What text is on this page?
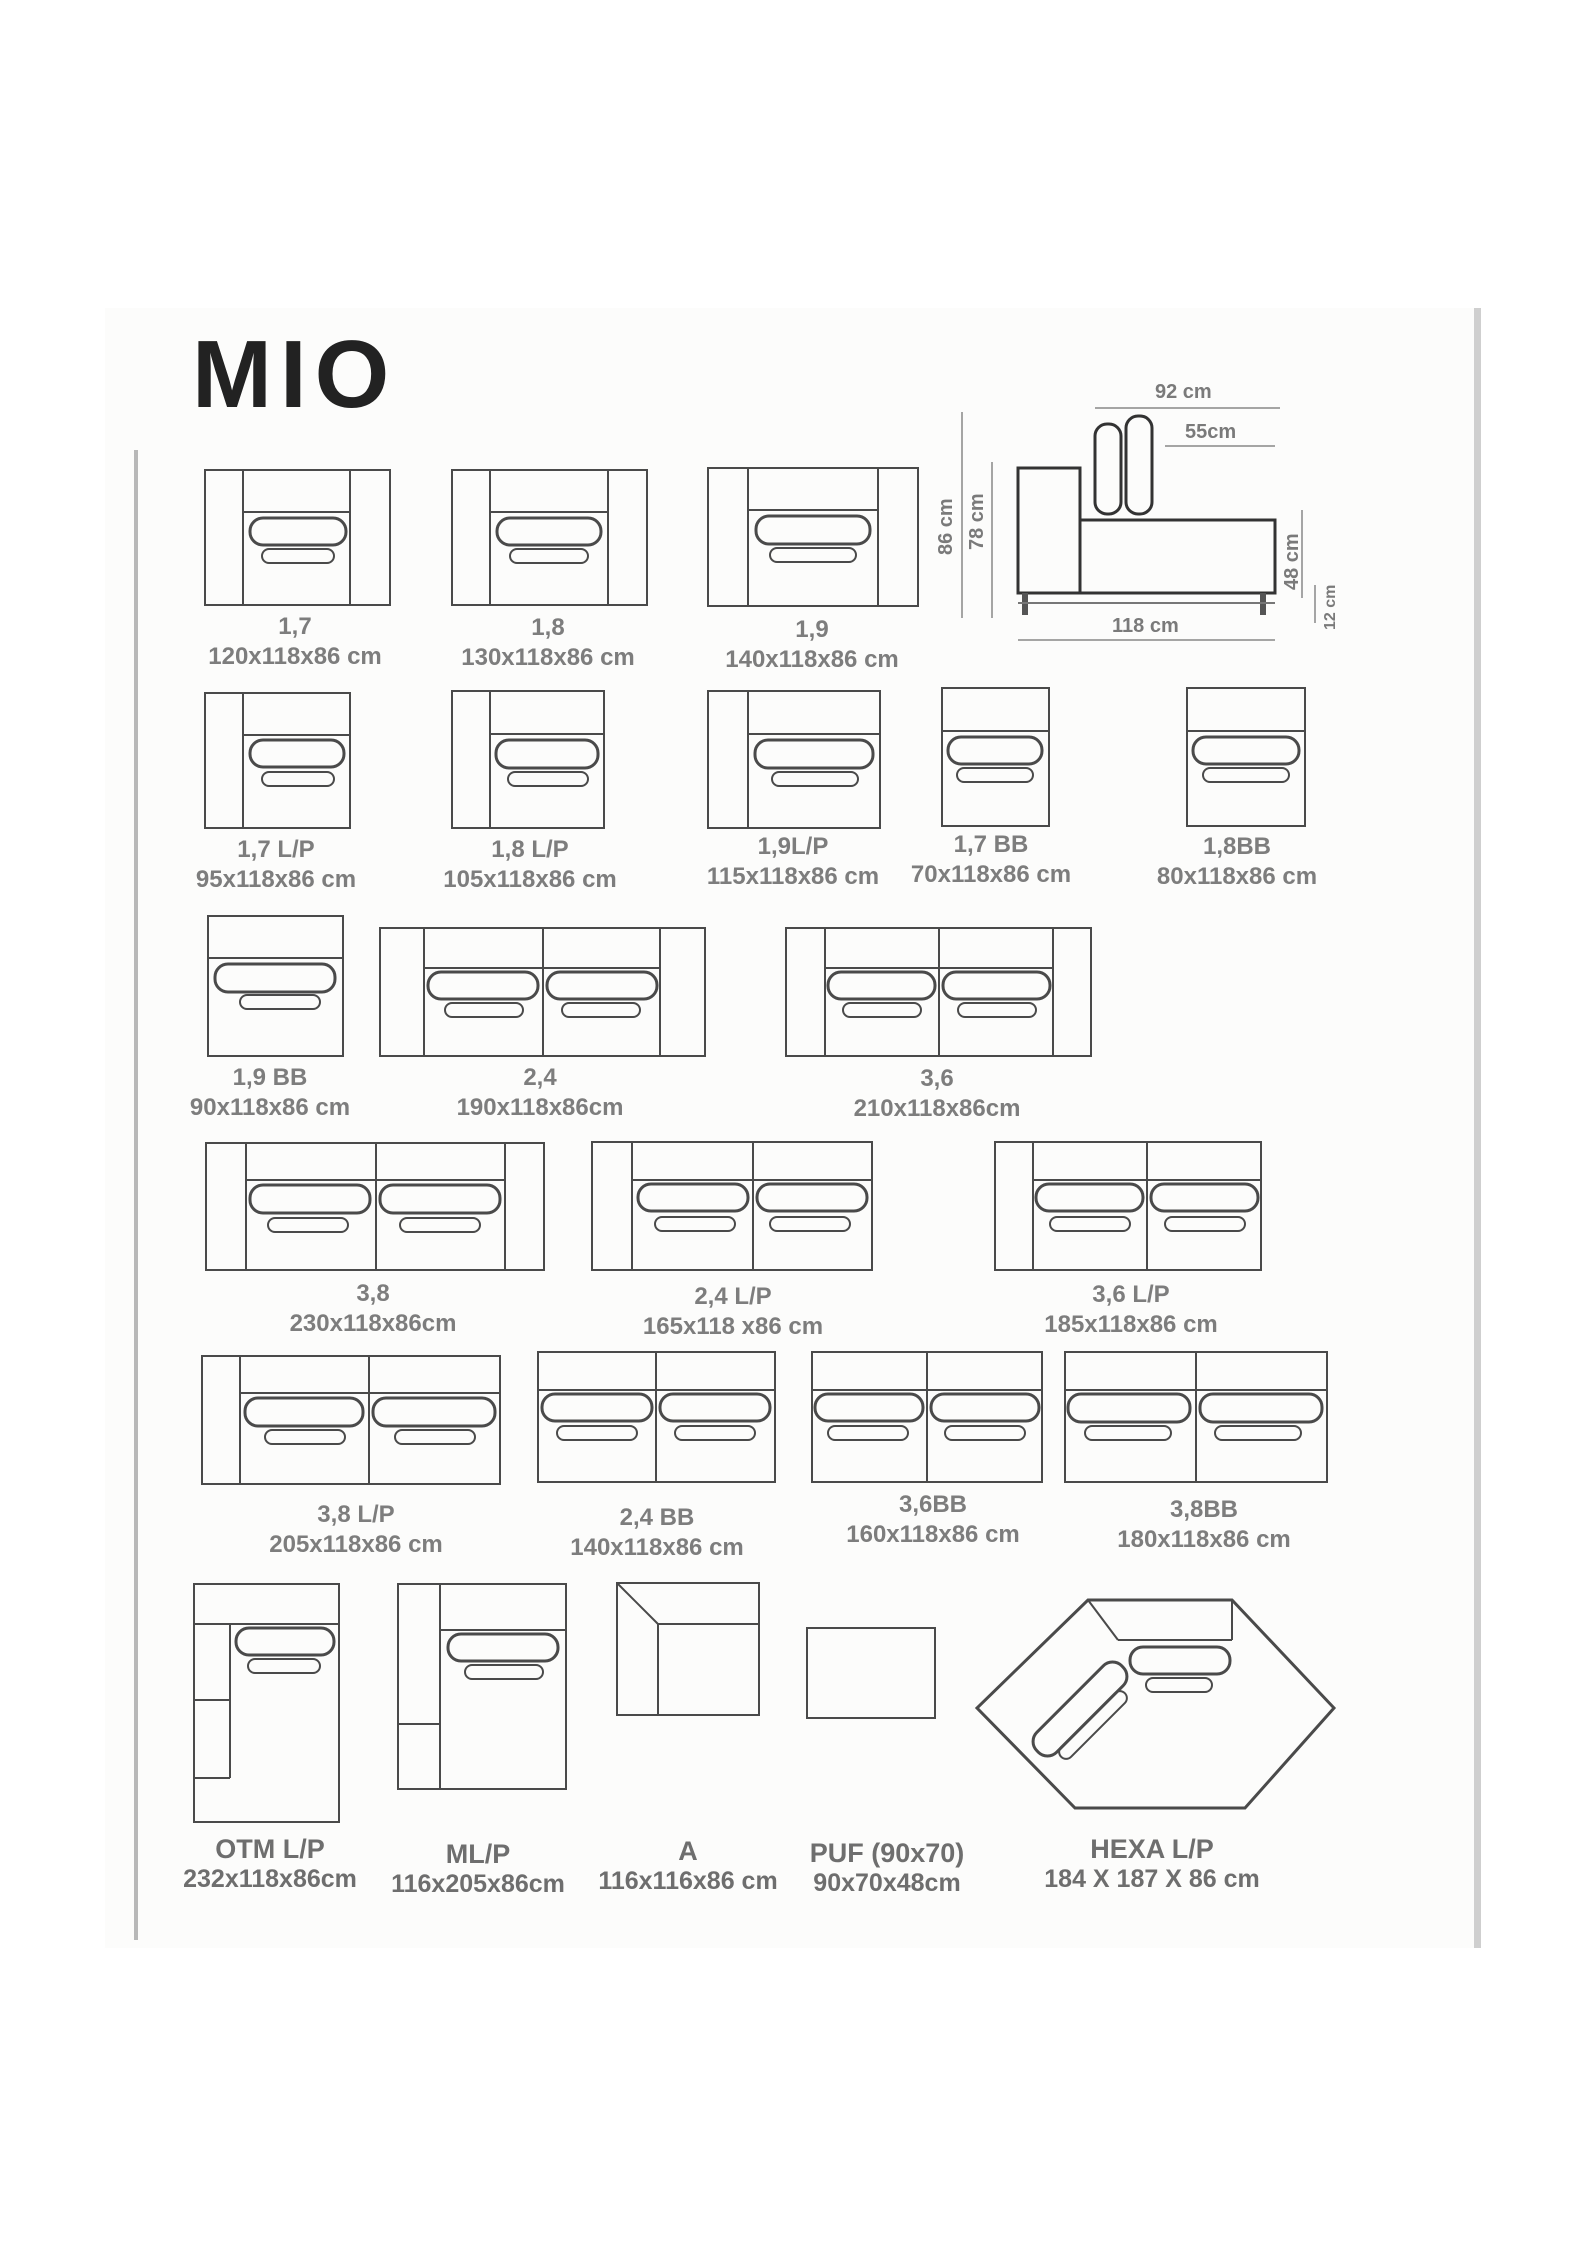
MIO	92 cm
55cm
118 cm
86 cm 78 cm
48 cm
12 cm
1,7
120x118x86 cm
1,8
130x118x86 cm
1,9
140x118x86 cm
1,7 L/P
95x118x86 cm
1,8 L/P
105x118x86 cm
1,9L/P
115x118x86 cm
1,7 BB
70x118x86 cm
1,8BB
80x118x86 cm
1,9 BB
90x118x86 cm
2,4
190x118x86cm
3,6
210x118x86cm
3,8
230x118x86cm
2,4 L/P
165x118 x86 cm
3,6 L/P
185x118x86 cm
3,8 L/P
205x118x86 cm
2,4 BB
140x118x86 cm
3,6BB
160x118x86 cm
3,8BB
180x118x86 cm
OTM L/P
232x118x86cm
ML/P
116x205x86cm
A
116x116x86 cm
PUF (90x70)
90x70x48cm
HEXA L/P
184 X 187 X 86 cm
